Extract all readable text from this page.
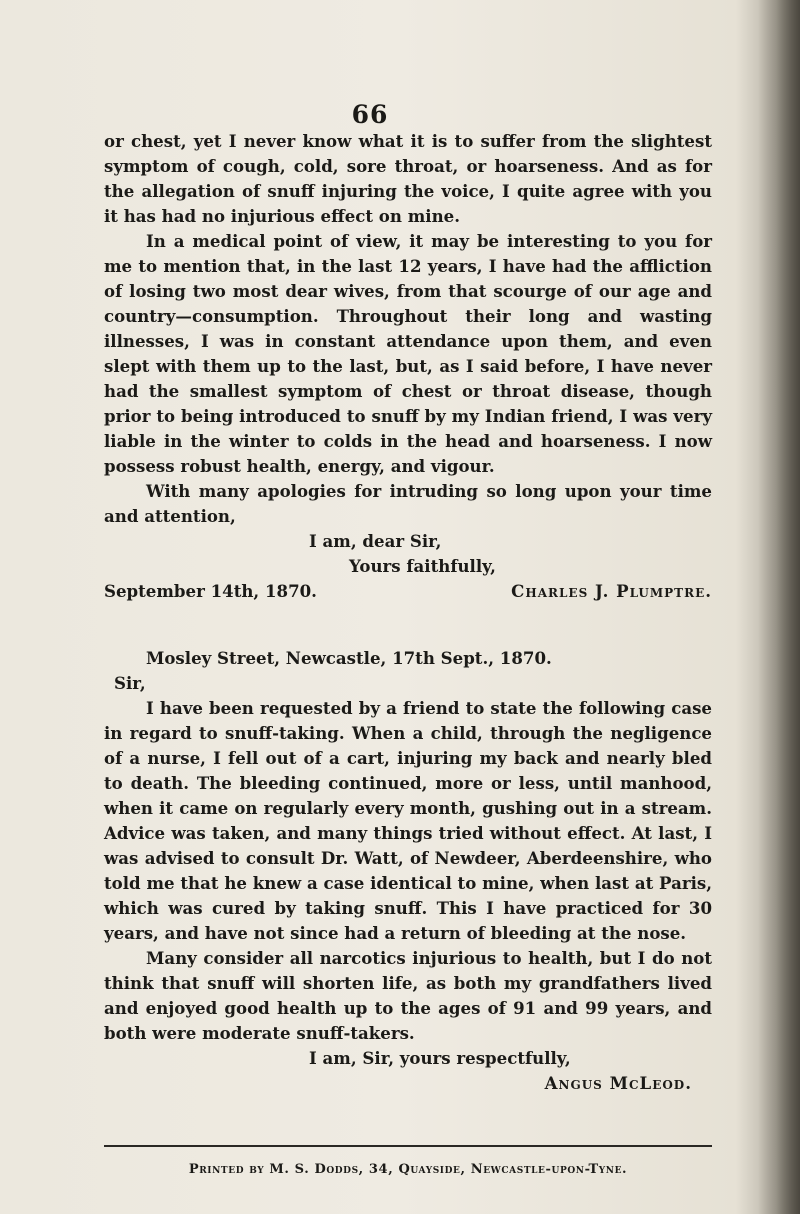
66

or chest, yet I never know what it is to suffer from the slightest symptom of cough, cold, sore throat, or hoarseness. And as for the allegation of snuff injuring the voice, I quite agree with you it has had no injurious effect on mine.

In a medical point of view, it may be interesting to you for me to mention that, in the last 12 years, I have had the affliction of losing two most dear wives, from that scourge of our age and country—consumption. Throughout their long and wasting illnesses, I was in constant attendance upon them, and even slept with them up to the last, but, as I said before, I have never had the smallest symptom of chest or throat disease, though prior to being introduced to snuff by my Indian friend, I was very liable in the winter to colds in the head and hoarseness. I now possess robust health, energy, and vigour.

With many apologies for intruding so long upon your time and attention,

I am, dear Sir,

Yours faithfully,

September 14th, 1870.	Charles J. Plumptre.

Mosley Street, Newcastle, 17th Sept., 1870.

Sir,

I have been requested by a friend to state the following case in regard to snuff-taking. When a child, through the negligence of a nurse, I fell out of a cart, injuring my back and nearly bled to death. The bleeding continued, more or less, until manhood, when it came on regularly every month, gushing out in a stream. Advice was taken, and many things tried without effect. At last, I was advised to consult Dr. Watt, of Newdeer, Aberdeenshire, who told me that he knew a case identical to mine, when last at Paris, which was cured by taking snuff. This I have practiced for 30 years, and have not since had a return of bleeding at the nose.

Many consider all narcotics injurious to health, but I do not think that snuff will shorten life, as both my grandfathers lived and enjoyed good health up to the ages of 91 and 99 years, and both were moderate snuff-takers.

I am, Sir, yours respectfully,

Angus McLeod.

Printed by M. S. Dodds, 34, Quayside, Newcastle-upon-Tyne.
